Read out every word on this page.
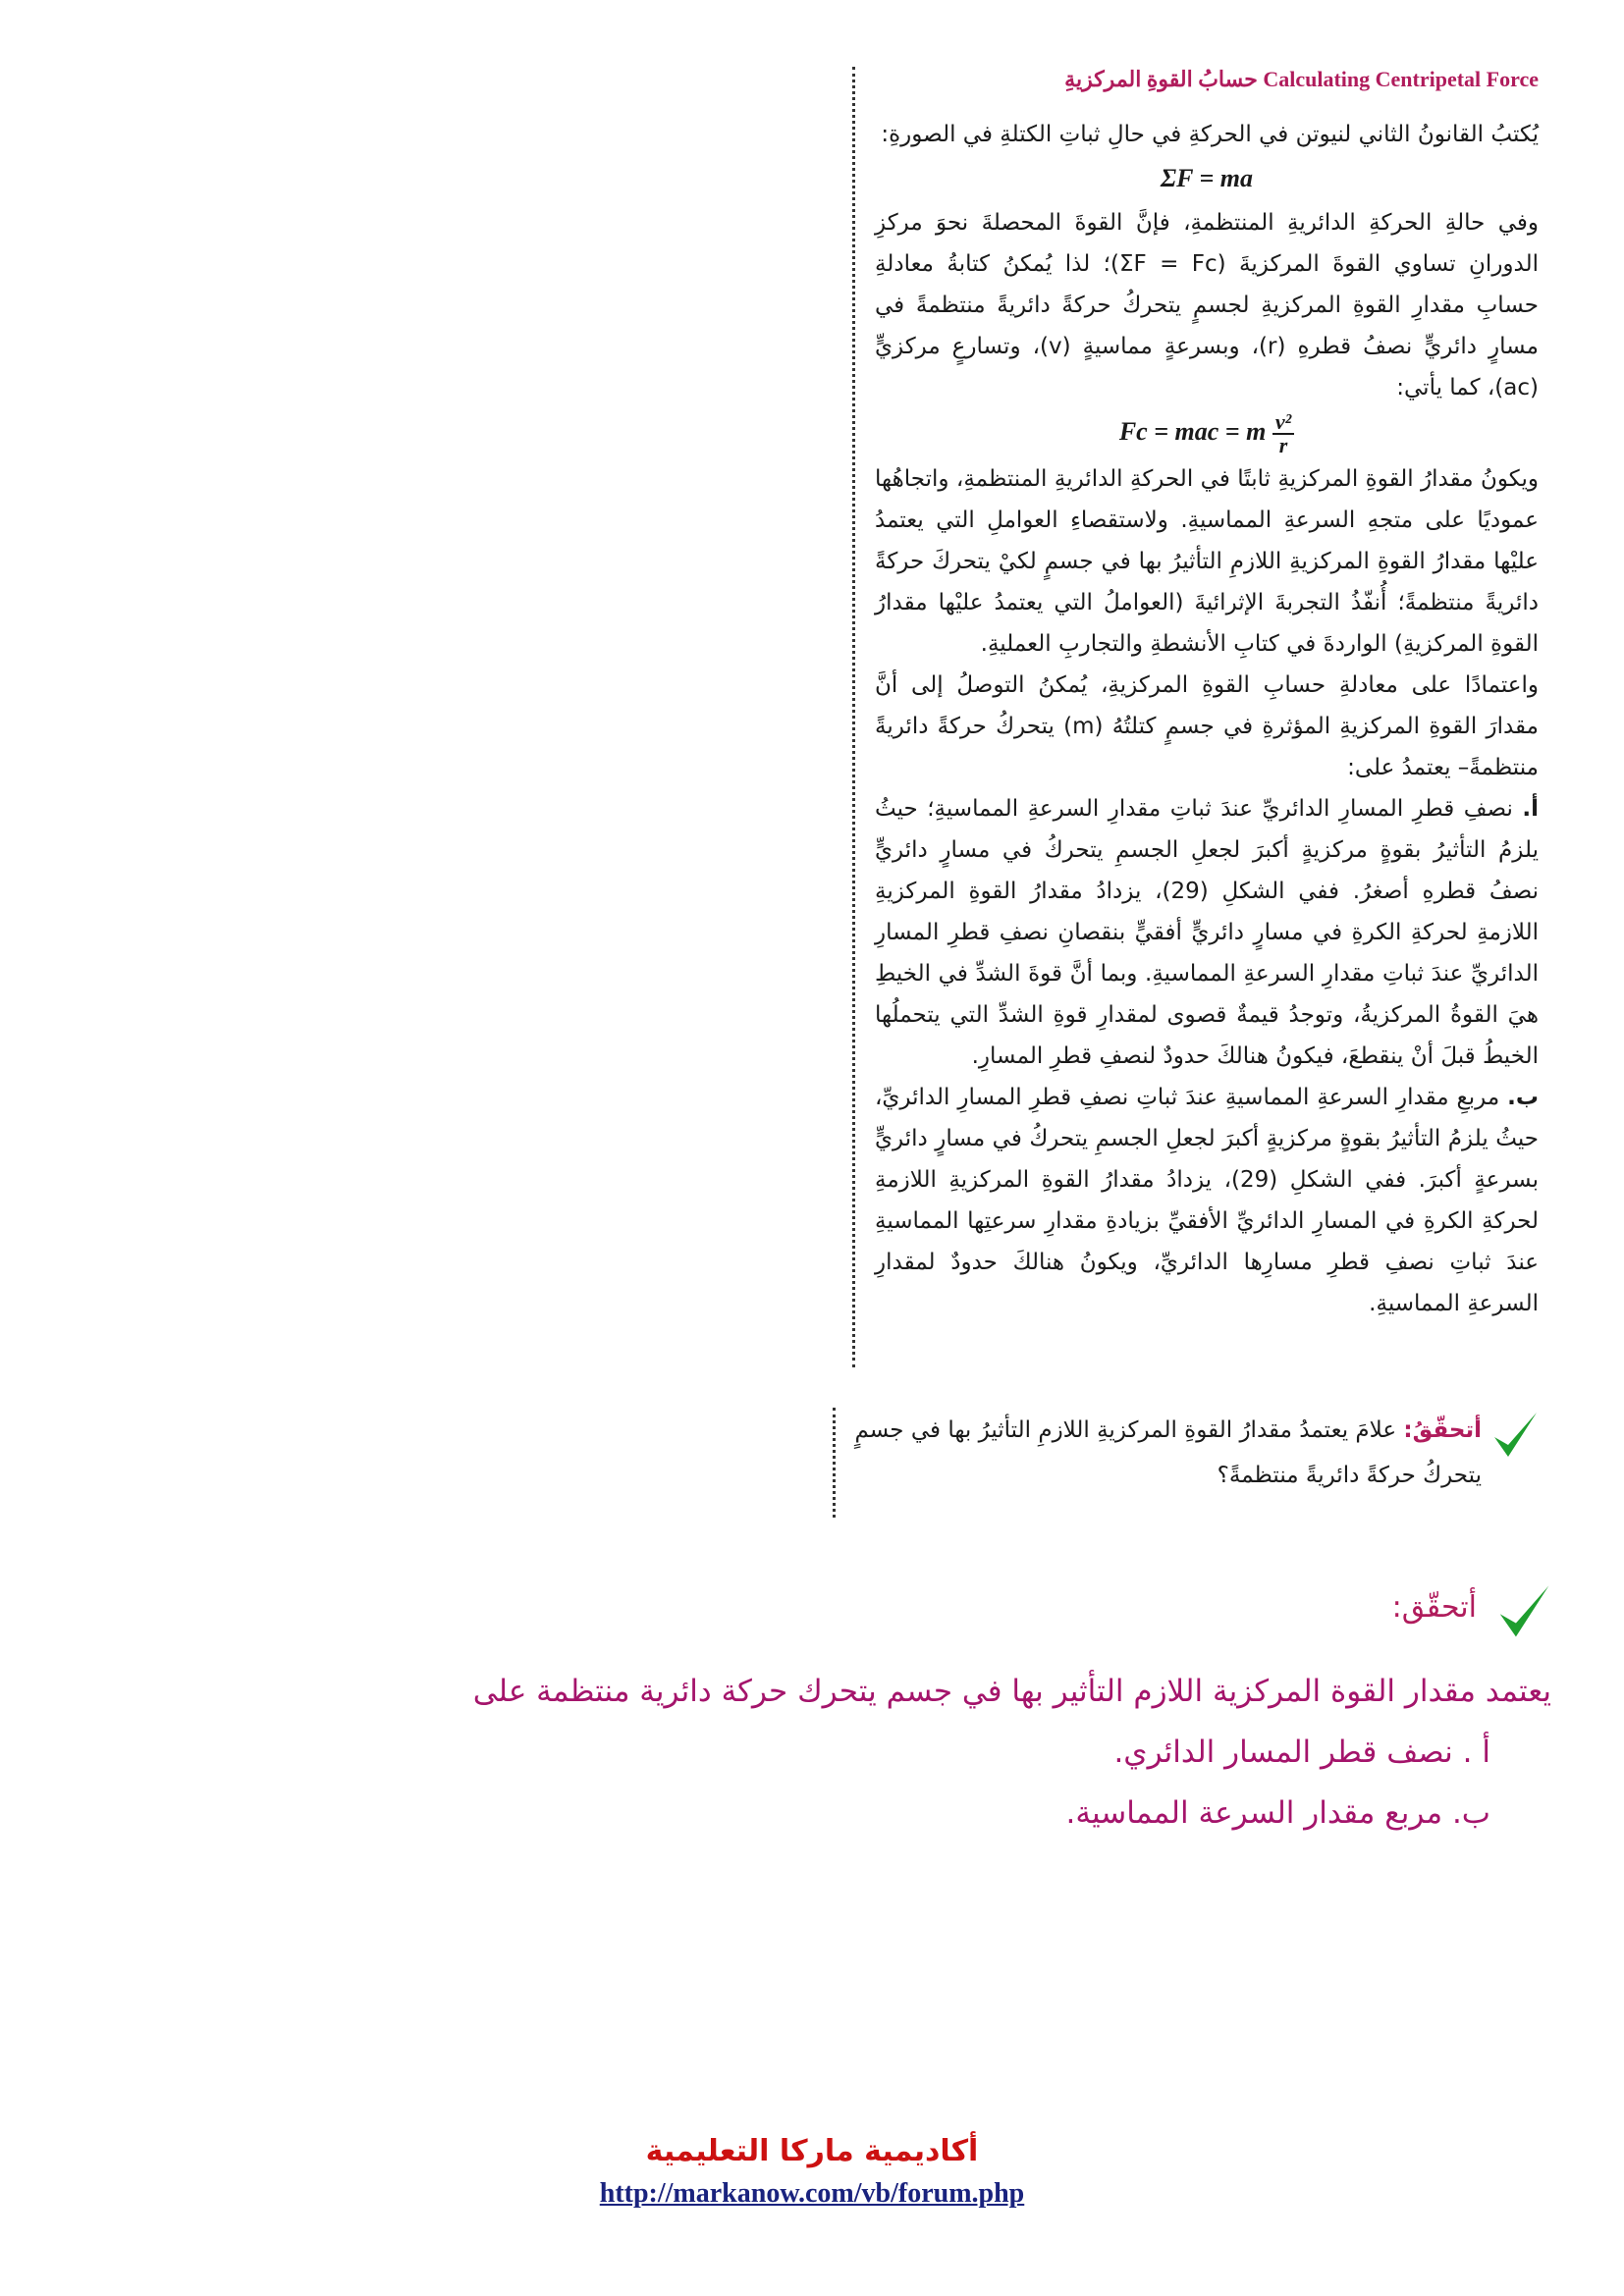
حسابُ القوةِ المركزيةِ Calculating Centripetal Force

يُكتبُ القانونُ الثاني لنيوتن في الحركةِ في حالِ ثباتِ الكتلةِ في الصورةِ:

ΣF = ma

وفي حالةِ الحركةِ الدائريةِ المنتظمةِ، فإنَّ القوةَ المحصلةَ نحوَ مركزِ الدورانِ تساوي القوةَ المركزيةَ (ΣF = Fc)؛ لذا يُمكنُ كتابةُ معادلةِ حسابِ مقدارِ القوةِ المركزيةِ لجسمٍ يتحركُ حركةً دائريةً منتظمةً في مسارٍ دائريٍّ نصفُ قطرهِ (r)، وبسرعةٍ مماسيةٍ (v)، وتسارعٍ مركزيٍّ (ac)، كما يأتي:

Fc = mac = m $\frac{\text{v²}}{r}$

ويكونُ مقدارُ القوةِ المركزيةِ ثابتًا في الحركةِ الدائريةِ المنتظمةِ، واتجاهُها عموديًا على متجهِ السرعةِ المماسيةِ. ولاستقصاءِ العواملِ التي يعتمدُ عليْها مقدارُ القوةِ المركزيةِ اللازمِ التأثيرُ بها في جسمٍ لكيْ يتحركَ حركةً دائريةً منتظمةً؛ أُنفّذُ التجربةَ الإثرائيةَ (العواملُ التي يعتمدُ عليْها مقدارُ القوةِ المركزيةِ) الواردةَ في كتابِ الأنشطةِ والتجاربِ العمليةِ.

واعتمادًا على معادلةِ حسابِ القوةِ المركزيةِ، يُمكنُ التوصلُ إلى أنَّ مقدارَ القوةِ المركزيةِ المؤثرةِ في جسمٍ كتلتُهُ (m) يتحركُ حركةً دائريةً منتظمةً– يعتمدُ على:

أ. نصفِ قطرِ المسارِ الدائريِّ عندَ ثباتِ مقدارِ السرعةِ المماسيةِ؛ حيثُ يلزمُ التأثيرُ بقوةٍ مركزيةٍ أكبرَ لجعلِ الجسمِ يتحركُ في مسارٍ دائريٍّ نصفُ قطرهِ أصغرُ. ففي الشكلِ (29)، يزدادُ مقدارُ القوةِ المركزيةِ اللازمةِ لحركةِ الكرةِ في مسارٍ دائريٍّ أفقيٍّ بنقصانِ نصفِ قطرِ المسارِ الدائريِّ عندَ ثباتِ مقدارِ السرعةِ المماسيةِ. وبما أنَّ قوةَ الشدِّ في الخيطِ هيَ القوةُ المركزيةُ، وتوجدُ قيمةٌ قصوى لمقدارِ قوةِ الشدِّ التي يتحملُها الخيطُ قبلَ أنْ ينقطعَ، فيكونُ هنالكَ حدودٌ لنصفِ قطرِ المسارِ.

ب. مربعِ مقدارِ السرعةِ المماسيةِ عندَ ثباتِ نصفِ قطرِ المسارِ الدائريِّ، حيثُ يلزمُ التأثيرُ بقوةٍ مركزيةٍ أكبرَ لجعلِ الجسمِ يتحركُ في مسارٍ دائريٍّ بسرعةٍ أكبرَ. ففي الشكلِ (29)، يزدادُ مقدارُ القوةِ المركزيةِ اللازمةِ لحركةِ الكرةِ في المسارِ الدائريِّ الأفقيِّ بزيادةِ مقدارِ سرعتِها المماسيةِ عندَ ثباتِ نصفِ قطرِ مسارِها الدائريِّ، ويكونُ هنالكَ حدودٌ لمقدارِ السرعةِ المماسيةِ.

أتحقّقُ: علامَ يعتمدُ مقدارُ القوةِ المركزيةِ اللازمِ التأثيرُ بها في جسمٍ يتحركُ حركةً دائريةً منتظمةً؟
أتحقّق:
يعتمد مقدار القوة المركزية اللازم التأثير بها في جسم يتحرك حركة دائرية منتظمة على
أ . نصف قطر المسار الدائري.
ب. مربع مقدار السرعة المماسية.
أكاديمية ماركا التعليمية
http://markanow.com/vb/forum.php
